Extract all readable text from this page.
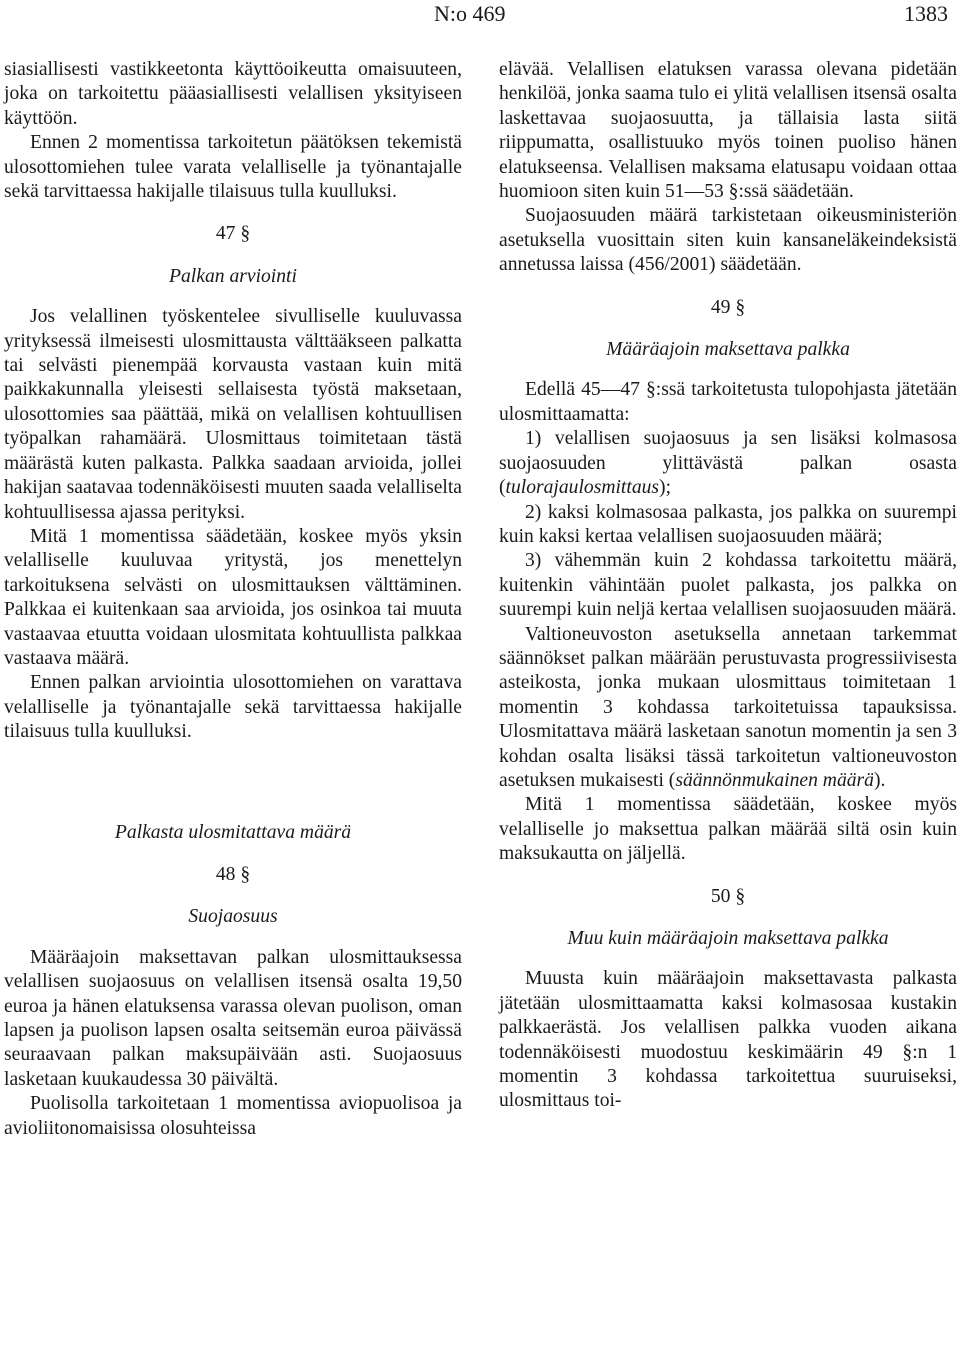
N:o 469	1383

siasiallisesti vastikkeetonta käyttöoikeutta omaisuuteen, joka on tarkoitettu pääasiallisesti velallisen yksityiseen käyttöön.

Ennen 2 momentissa tarkoitetun päätöksen tekemistä ulosottomiehen tulee varata velalliselle ja työnantajalle sekä tarvittaessa hakijalle tilaisuus tulla kuulluksi.

47 §
Palkan arviointi

Jos velallinen työskentelee sivulliselle kuuluvassa yrityksessä ilmeisesti ulosmittausta välttääkseen palkatta tai selvästi pienempää korvausta vastaan kuin mitä paikkakunnalla yleisesti sellaisesta työstä maksetaan, ulosottomies saa päättää, mikä on velallisen kohtuullisen työpalkan rahamäärä. Ulosmittaus toimitetaan tästä määrästä kuten palkasta. Palkka saadaan arvioida, jollei hakijan saatavaa todennäköisesti muuten saada velalliselta kohtuullisessa ajassa perityksi.

Mitä 1 momentissa säädetään, koskee myös yksin velalliselle kuuluvaa yritystä, jos menettelyn tarkoituksena selvästi on ulosmittauksen välttäminen. Palkkaa ei kuitenkaan saa arvioida, jos osinkoa tai muuta vastaavaa etuutta voidaan ulosmitata kohtuullista palkkaa vastaava määrä.

Ennen palkan arviointia ulosottomiehen on varattava velalliselle ja työnantajalle sekä tarvittaessa hakijalle tilaisuus tulla kuulluksi.

Palkasta ulosmitattava määrä
48 §
Suojaosuus

Määräajoin maksettavan palkan ulosmittauksessa velallisen suojaosuus on velallisen itsensä osalta 19,50 euroa ja hänen elatuksensa varassa olevan puolison, oman lapsen ja puolison lapsen osalta seitsemän euroa päivässä seuraavaan palkan maksupäivään asti. Suojaosuus lasketaan kuukaudessa 30 päivältä.

Puolisolla tarkoitetaan 1 momentissa aviopuolisoa ja avioliitonomaisissa olosuhteissa

elävää. Velallisen elatuksen varassa olevana pidetään henkilöä, jonka saama tulo ei ylitä velallisen itsensä osalta laskettavaa suojaosuutta, ja tällaisia lasta siitä riippumatta, osallistuuko myös toinen puoliso hänen elatukseensa. Velallisen maksama elatusapu voidaan ottaa huomioon siten kuin 51—53 §:ssä säädetään.

Suojaosuuden määrä tarkistetaan oikeusministeriön asetuksella vuosittain siten kuin kansaneläkeindeksistä annetussa laissa (456/2001) säädetään.

49 §
Määräajoin maksettava palkka

Edellä 45—47 §:ssä tarkoitetusta tulopohjasta jätetään ulosmittaamatta:

1) velallisen suojaosuus ja sen lisäksi kolmasosa suojaosuuden ylittävästä palkan osasta (tulorajaulosmittaus);

2) kaksi kolmasosaa palkasta, jos palkka on suurempi kuin kaksi kertaa velallisen suojaosuuden määrä;

3) vähemmän kuin 2 kohdassa tarkoitettu määrä, kuitenkin vähintään puolet palkasta, jos palkka on suurempi kuin neljä kertaa velallisen suojaosuuden määrä.

Valtioneuvoston asetuksella annetaan tarkemmat säännökset palkan määrään perustuvasta progressiivisesta asteikosta, jonka mukaan ulosmittaus toimitetaan 1 momentin 3 kohdassa tarkoitetuissa tapauksissa. Ulosmitattava määrä lasketaan sanotun momentin ja sen 3 kohdan osalta lisäksi tässä tarkoitetun valtioneuvoston asetuksen mukaisesti (säännönmukainen määrä).

Mitä 1 momentissa säädetään, koskee myös velalliselle jo maksettua palkan määrää siltä osin kuin maksukautta on jäljellä.

50 §
Muu kuin määräajoin maksettava palkka

Muusta kuin määräajoin maksettavasta palkasta jätetään ulosmittaamatta kaksi kolmasosaa kustakin palkkaerästä. Jos velallisen palkka vuoden aikana todennäköisesti muodostuu keskimäärin 49 §:n 1 momentin 3 kohdassa tarkoitettua suuruiseksi, ulosmittaus toi-
